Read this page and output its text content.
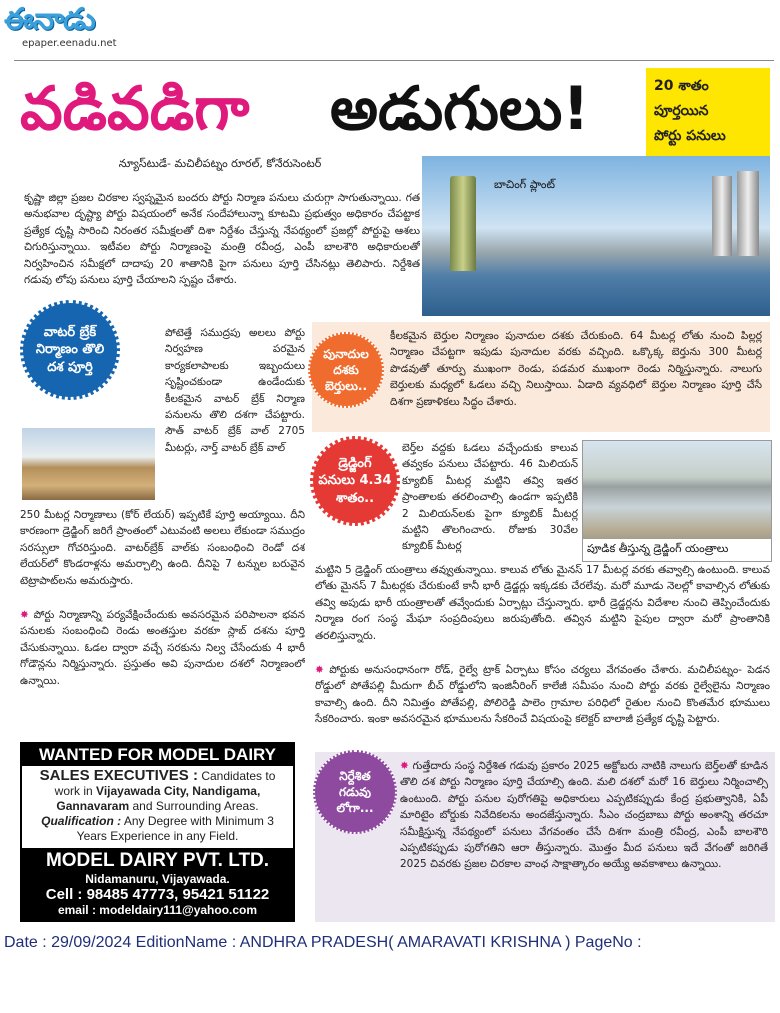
ఈనాడు
epaper.eenadu.net
వడివడిగా అడుగులు!	20 శాతం
పూర్తయిన
పోర్టు పనులు
న్యూస్‌టుడే- మచిలీపట్నం రూరల్, కోనేరుసెంటర్
కృష్ణా జిల్లా ప్రజల చిరకాల స్వప్నమైన బందరు పోర్టు నిర్మాణ పనులు చురుగ్గా సాగుతున్నాయి. గత అనుభవాల దృష్ట్యా పోర్టు విషయంలో అనేక సందేహాలున్నా కూటమి ప్రభుత్వం అధికారం చేపట్టాక ప్రత్యేక దృష్టి సారించి నిరంతర సమీక్షలతో దిశా నిర్దేశం చేస్తున్న నేపథ్యంలో ప్రజల్లో పోర్టుపై ఆశలు చిగురిస్తున్నాయి. ఇటీవల పోర్టు నిర్మాణంపై మంత్రి రవీంద్ర, ఎంపీ బాలశౌరి అధికారులతో నిర్వహించిన సమీక్షలో దాదాపు 20 శాతానికి పైగా పనులు పూర్తి చేసినట్లు తెలిపారు. నిర్దేశిత గడువు లోపు పనులు పూర్తి చేయాలని స్పష్టం చేశారు.
బాచింగ్ ప్లాంట్
వాటర్ బ్రేక్
నిర్మాణం తొలి
దశ పూర్తి
పోటెత్తే సముద్రపు అలలు పోర్టు నిర్వహణ పరమైన కార్యకలాపాలకు ఇబ్బందులు సృష్టించకుండా ఉండేందుకు కీలకమైన వాటర్ బ్రేక్ నిర్మాణ పనులను తొలి దశగా చేపట్టారు. సౌత్ వాటర్ బ్రేక్ వాల్ 2705 మీటర్లు, నార్త్ వాటర్ బ్రేక్ వాల్
250 మీటర్ల నిర్మాణాలు (కోర్ లేయర్) ఇప్పటికే పూర్తి అయ్యాయి. దీని కారణంగా డ్రెడ్జింగ్ జరిగే ప్రాంతంలో ఎటువంటి అలలు లేకుండా సముద్రం సరస్సులా గోచరిస్తుంది. వాటర్‌బ్రేక్ వాల్‌కు సంబంధించి రెండో దశ లేయర్‌లో కొండరాళ్లను అమర్చాల్సి ఉంది. దీనిపై 7 టన్నుల బరువైన టెట్రాపాట్‌లను అమరుస్తారు.
✸ పోర్టు నిర్మాణాన్ని పర్యవేక్షించేందుకు అవసరమైన పరిపాలనా భవన పనులకు సంబంధించి రెండు అంతస్తుల వరకూ స్లాబ్ దశను పూర్తి చేసుకున్నాయి. ఓడల ద్వారా వచ్చే సరకును నిల్వ చేసేందుకు 4 భారీ గోడౌన్లను నిర్మిస్తున్నారు. ప్రస్తుతం అవి పునాదుల దశలో నిర్మాణంలో ఉన్నాయి.
పునాదుల
దశకు
బెర్తులు..
కీలకమైన బెర్తుల నిర్మాణం పునాదుల దశకు చేరుకుంది. 64 మీటర్ల లోతు నుంచి పిల్లర్ల నిర్మాణం చేపట్టగా ఇపుడు పునాదుల వరకు వచ్చింది. ఒక్కొక్క బెర్తును 300 మీటర్ల పొడవుతో తూర్పు ముఖంగా రెండు, పడమర ముఖంగా రెండు నిర్మిస్తున్నారు. నాలుగు బెర్తులకు మధ్యలో ఓడలు వచ్చి నిలుస్తాయి. ఏడాది వ్యవధిలో బెర్తుల నిర్మాణం పూర్తి చేసే దిశగా ప్రణాళికలు సిద్ధం చేశారు.
డ్రెడ్జింగ్
పనులు 4.34
శాతం..
బెర్త్‌ల వద్దకు ఓడలు వచ్చేందుకు కాలువ తవ్వకం పనులు చేపట్టారు. 46 మిలియన్ క్యూబిక్ మీటర్ల మట్టిని తవ్వి ఇతర ప్రాంతాలకు తరలించాల్సి ఉండగా ఇప్పటికి 2 మిలియన్‌లకు పైగా క్యూబిక్ మీటర్ల మట్టిని తొలగించారు. రోజుకు 30వేల క్యూబిక్ మీటర్ల	పూడిక తీస్తున్న డ్రెడ్జింగ్ యంత్రాలు
మట్టిని 5 డ్రెడ్జింగ్ యంత్రాలు తవ్వుతున్నాయి. కాలువ లోతు మైనస్ 17 మీటర్ల వరకు తవ్వాల్సి ఉంటుంది. కాలువ లోతు మైనస్ 7 మీటర్లకు చేరుకుంటే కానీ భారీ డ్రెడ్జర్లు ఇక్కడకు చేరలేవు. మరో మూడు నెలల్లో కావాల్సిన లోతుకు తవ్వి అపుడు భారీ యంత్రాలతో తవ్వేందుకు ఏర్పాట్లు చేస్తున్నారు. భారీ డ్రెడ్జర్లను విదేశాల నుంచి తెప్పించేందుకు నిర్మాణ రంగ సంస్థ మేఘా సంప్రదింపులు జరుపుతోంది. తవ్విన మట్టిని పైపుల ద్వారా మరో ప్రాంతానికి తరలిస్తున్నారు.
✸ పోర్టుకు అనుసంధానంగా రోడ్, రైల్వే ట్రాక్ ఏర్పాటు కోసం చర్యలు వేగవంతం చేశారు. మచిలీపట్నం- పెడన రోడ్డులో పోతేపల్లి మీదుగా బీచ్ రోడ్డులోని ఇంజినీరింగ్ కాలేజీ సమీపం నుంచి పోర్టు వరకు రైల్వేలైను నిర్మాణం కావాల్సి ఉంది. దీని నిమిత్తం పోతేపల్లి, పోలిరెడ్డి పాలెం గ్రామాల పరిధిలో రైతుల నుంచి కొంతమేర భూములు సేకరించారు. ఇంకా అవసరమైన భూములను సేకరించే విషయంపై కలెక్టర్ బాలాజీ ప్రత్యేక దృష్టి పెట్టారు.
WANTED FOR MODEL DAIRY
SALES EXECUTIVES : Candidates to work in Vijayawada City, Nandigama, Gannavaram and Surrounding Areas.
Qualification : Any Degree with Minimum 3 Years Experience in any Field.
MODEL DAIRY PVT. LTD.
Nidamanuru, Vijayawada.
Cell : 98485 47773, 95421 51122
email : modeldairy111@yahoo.com
నిర్దేశిత
గడువు
లోగా...
✸ గుత్తేదారు సంస్థ నిర్దేశిత గడువు ప్రకారం 2025 అక్టోబరు నాటికి నాలుగు బెర్త్‌లతో కూడిన తొలి దశ పోర్టు నిర్మాణం పూర్తి చేయాల్సి ఉంది. మలి దశలో మరో 16 బెర్తులు నిర్మించాల్సి ఉంటుంది. పోర్టు పనుల పురోగతిపై అధికారులు ఎప్పటికప్పుడు కేంద్ర ప్రభుత్వానికి, ఏపీ మారిటైం బోర్డుకు నివేదికలను అందజేస్తున్నారు. సీఎం చంద్రబాబు పోర్టు అంశాన్ని తరచూ సమీక్షిస్తున్న నేపథ్యంలో పనులు వేగవంతం చేసే దిశగా మంత్రి రవీంద్ర, ఎంపీ బాలశౌరి ఎప్పటికప్పుడు పురోగతిని ఆరా తీస్తున్నారు. మొత్తం మీద పనులు ఇదే వేగంతో జరిగితే 2025 చివరకు ప్రజల చిరకాల వాంఛ సాక్షాత్కారం అయ్యే అవకాశాలు ఉన్నాయి.
Date : 29/09/2024 EditionName : ANDHRA PRADESH( AMARAVATI KRISHNA ) PageNo :
